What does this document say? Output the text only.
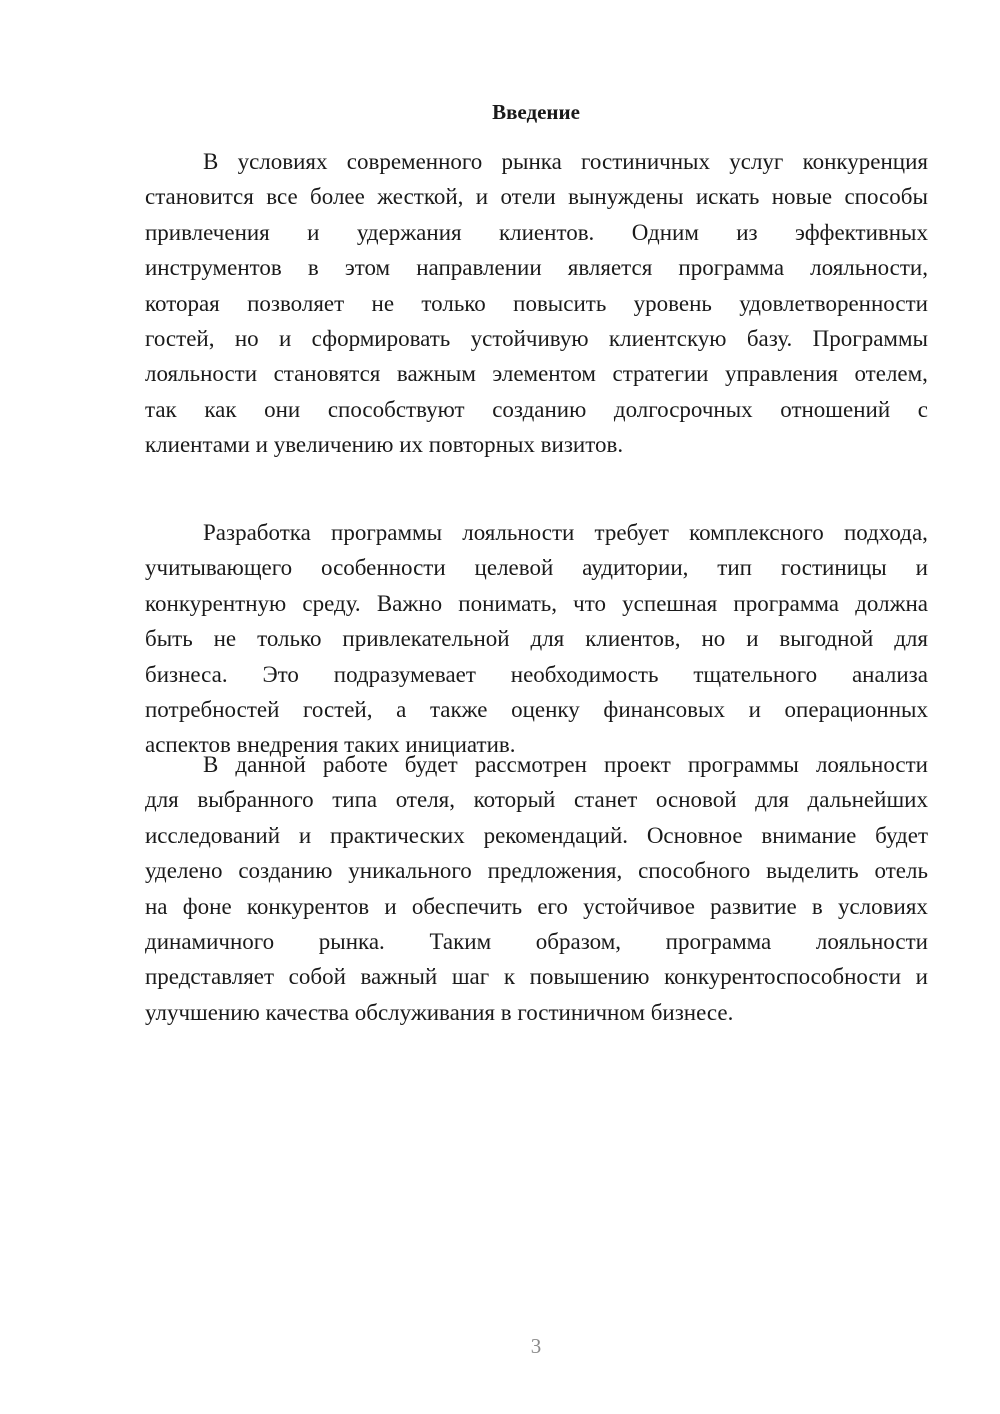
Введение
В условиях современного рынка гостиничных услуг конкуренция
становится все более жесткой, и отели вынуждены искать новые способы
привлечения и удержания клиентов. Одним из эффективных
инструментов в этом направлении является программа лояльности,
которая позволяет не только повысить уровень удовлетворенности
гостей, но и сформировать устойчивую клиентскую базу. Программы
лояльности становятся важным элементом стратегии управления отелем,
так как они способствуют созданию долгосрочных отношений с
клиентами и увеличению их повторных визитов.
Разработка программы лояльности требует комплексного подхода,
учитывающего особенности целевой аудитории, тип гостиницы и
конкурентную среду. Важно понимать, что успешная программа должна
быть не только привлекательной для клиентов, но и выгодной для
бизнеса. Это подразумевает необходимость тщательного анализа
потребностей гостей, а также оценку финансовых и операционных
аспектов внедрения таких инициатив.
В данной работе будет рассмотрен проект программы лояльности
для выбранного типа отеля, который станет основой для дальнейших
исследований и практических рекомендаций. Основное внимание будет
уделено созданию уникального предложения, способного выделить отель
на фоне конкурентов и обеспечить его устойчивое развитие в условиях
динамичного рынка. Таким образом, программа лояльности
представляет собой важный шаг к повышению конкурентоспособности и
улучшению качества обслуживания в гостиничном бизнесе.
3
